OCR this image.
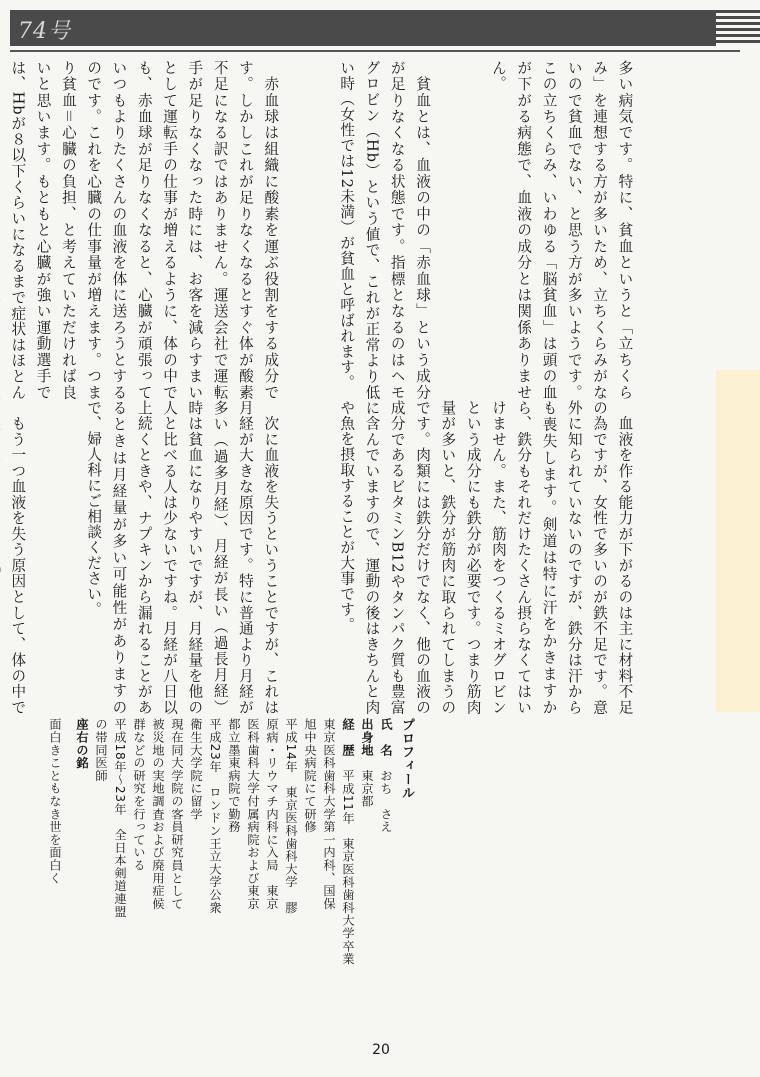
74号

多い病気です。特に、貧血というと「立ちくらみ」を連想する方が多いため、立ちくらみがないので貧血でない、と思う方が多いようです。この立ちくらみ、いわゆる「脳貧血」は頭の血が下がる病態で、血液の成分とは関係ありません。

　貧血とは、血液の中の「赤血球」という成分が足りなくなる状態です。指標となるのはヘモグロビン（Hb）という値で、これが正常より低い時（女性では12未満）が貧血と呼ばれます。

　赤血球は組織に酸素を運ぶ役割をする成分です。しかしこれが足りなくなるとすぐ体が酸素不足になる訳ではありません。運送会社で運転手が足りなくなった時には、お客を減らすまいとして運転手の仕事が増えるように、体の中でも、赤血球が足りなくなると、心臓が頑張っていつもよりたくさんの血液を体に送ろうとするのです。これを心臓の仕事量が増えます。つまり貧血＝心臓の負担、と考えていただければ良いと思います。もともと心臓が強い運動選手では、Hbが８以下くらいになるまで症状はほとん

　血液を作る能力が下がるのは主に材料不足の為ですが、女性で多いのが鉄不足です。意外に知られていないのですが、鉄分は汗からも喪失します。剣道は特に汗をかきますから、鉄分もそれだけたくさん摂らなくてはいけません。また、筋肉をつくるミオグロビンという成分にも鉄分が必要です。つまり筋肉量が多いと、鉄分が筋肉に取られてしまうのです。肉類には鉄分だけでなく、他の血液の成分であるビタミンB12やタンパク質も豊富に含んでいますので、運動の後はきちんと肉や魚を摂取することが大事です。

　次に血液を失うということですが、これは月経が大きな原因です。特に普通より月経が多い（過多月経）、月経が長い（過長月経）時は貧血になりやすいですが、月経量を他の人と比べる人は少ないですね。月経が八日以上続くときや、ナプキンから漏れることがあるときは月経量が多い可能性がありますので、婦人科にご相談ください。

　もう一つ血液を失う原因として、体の中で

プロフィール

氏　名　おち　さえ

出身地　東京都

経　歴　平成11年　東京医科歯科大学卒業

東京医科歯科大学第一内科、国保

旭中央病院にて研修

平成14年　東京医科歯科大学　膠

原病・リウマチ内科に入局　東京

医科歯科大学付属病院および東京

都立墨東病院で勤務

平成23年　ロンドン王立大学公衆

衛生大学院に留学

現在同大学院の客員研究員として

被災地の実地調査および廃用症候

群などの研究を行っている

平成18年〜23年　全日本剣道連盟

の帯同医師

座右の銘

面白きこともなき世を面白く

20
